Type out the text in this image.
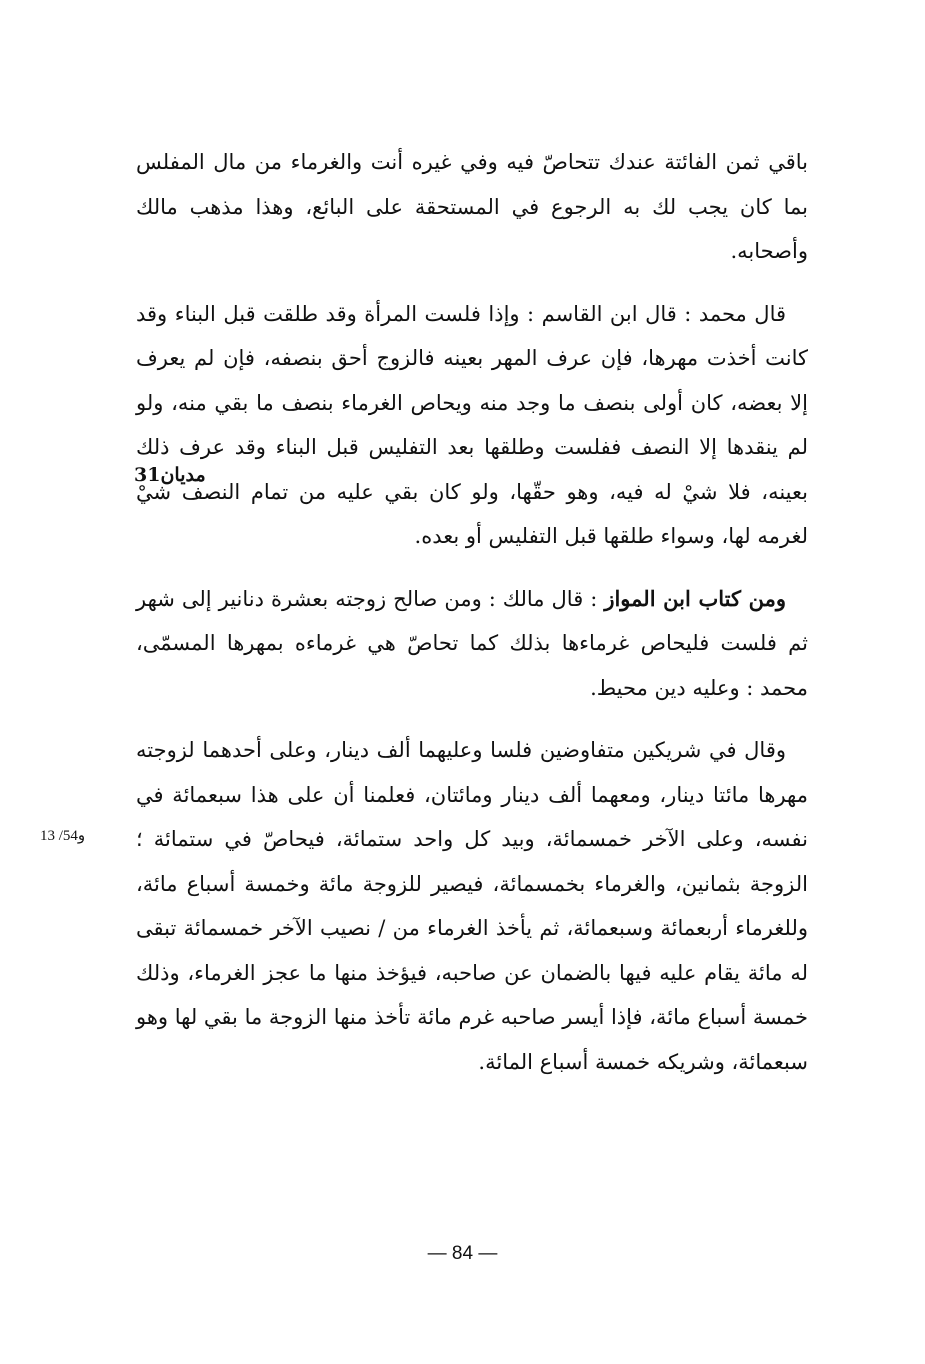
باقي ثمن الفائتة عندك تتحاصّ فيه وفي غيره أنت والغرماء من مال المفلس بما كان يجب لك به الرجوع في المستحقة على البائع، وهذا مذهب مالك وأصحابه.

قال محمد : قال ابن القاسم : وإذا فلست المرأة وقد طلقت قبل البناء وقد كانت أخذت مهرها، فإن عرف المهر بعينه فالزوج أحق بنصفه، فإن لم يعرف إلا بعضه، كان أولى بنصف ما وجد منه ويحاص الغرماء بنصف ما بقي منه، ولو لم ينقدها إلا النصف ففلست وطلقها بعد التفليس قبل البناء وقد عرف ذلك بعينه، فلا شيْ له فيه، وهو حقّها، ولو كان بقي عليه من تمام النصف شيْ لغرمه لها، وسواء طلقها قبل التفليس أو بعده.

ومن كتاب ابن المواز : قال مالك : ومن صالح زوجته بعشرة دنانير إلى شهر ثم فلست فليحاص غرماءها بذلك كما تحاصّ هي غرماءه بمهرها المسمّى، محمد : وعليه دين محيط.

وقال في شريكين متفاوضين فلسا وعليهما ألف دينار، وعلى أحدهما لزوجته مهرها مائتا دينار، ومعهما ألف دينار ومائتان، فعلمنا أن على هذا سبعمائة في نفسه، وعلى الآخر خمسمائة، وبيد كل واحد ستمائة، فيحاصّ في ستمائة ؛ الزوجة بثمانين، والغرماء بخمسمائة، فيصير للزوجة مائة وخمسة أسباع مائة، وللغرماء أربعمائة وسبعمائة، ثم يأخذ الغرماء من / نصيب الآخر خمسمائة تبقى له مائة يقام عليه فيها بالضمان عن صاحبه، فيؤخذ منها ما عجز الغرماء، وذلك خمسة أسباع مائة، فإذا أيسر صاحبه غرم مائة تأخذ منها الزوجة ما بقي لها وهو سبعمائة، وشريكه خمسة أسباع المائة.

مديان31
13 /54و
— 84 —
